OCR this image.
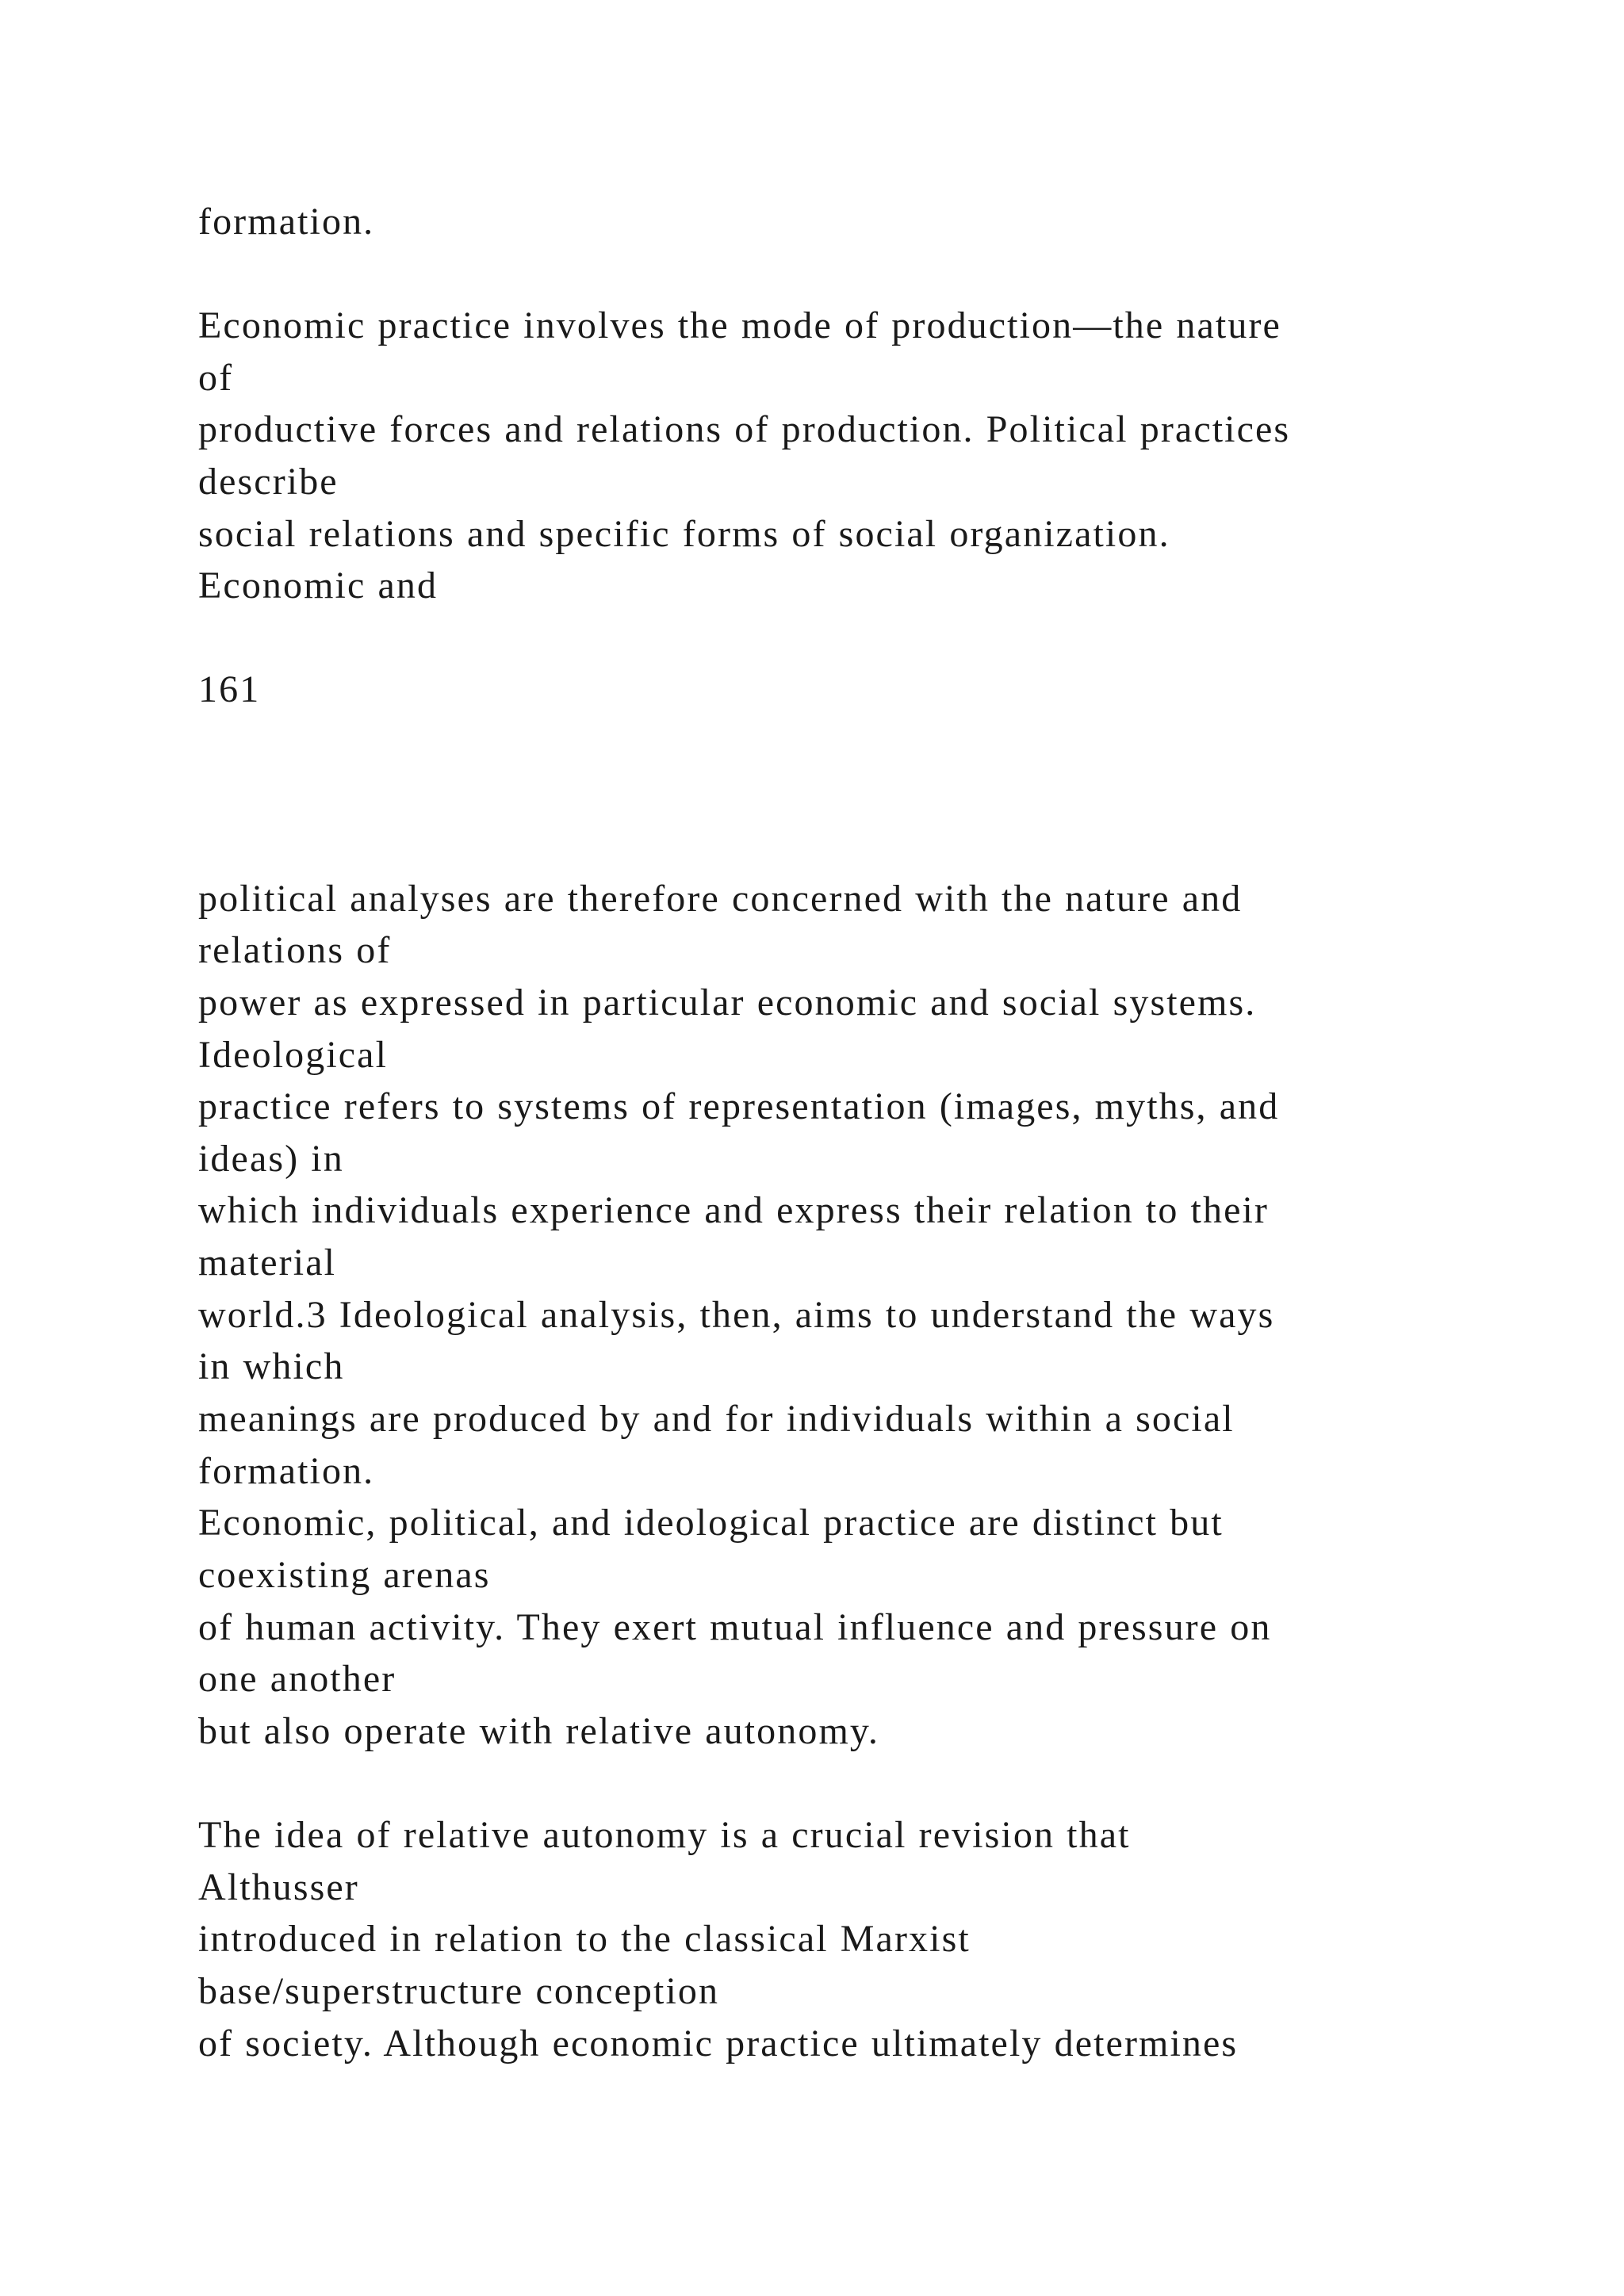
formation.

Economic practice involves the mode of production—the nature

of

productive forces and relations of production. Political practices

describe

social relations and specific forms of social organization.

Economic and

161

political analyses are therefore concerned with the nature and

relations of

power as expressed in particular economic and social systems.

Ideological

practice refers to systems of representation (images, myths, and

ideas) in

which individuals experience and express their relation to their

material

world.3 Ideological analysis, then, aims to understand the ways

in which

meanings are produced by and for individuals within a social

formation.

Economic, political, and ideological practice are distinct but

coexisting arenas

of human activity. They exert mutual influence and pressure on

one another

but also operate with relative autonomy.

The idea of relative autonomy is a crucial revision that

Althusser

introduced in relation to the classical Marxist

base/superstructure conception

of society. Although economic practice ultimately determines
